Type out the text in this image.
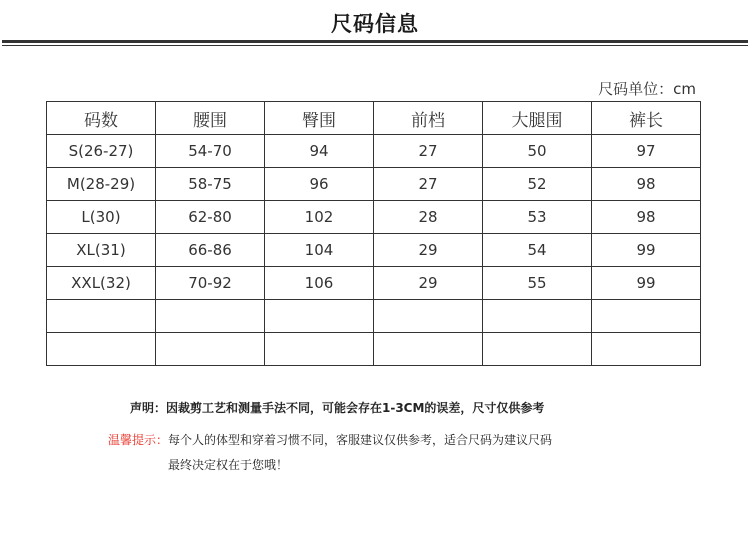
尺码信息
尺码单位：cm
码数	腰围	臀围	前档	大腿围	裤长
S(26-27)	54-70	94	27	50	97
M(28-29)	58-75	96	27	52	98
L(30)	62-80	102	28	53	98
XL(31)	66-86	104	29	54	99
XXL(32)	70-92	106	29	55	99

声明：因裁剪工艺和测量手法不同，可能会存在1-3CM的误差，尺寸仅供参考
温馨提示：每个人的体型和穿着习惯不同，客服建议仅供参考，适合尺码为建议尺码
最终决定权在于您哦！
